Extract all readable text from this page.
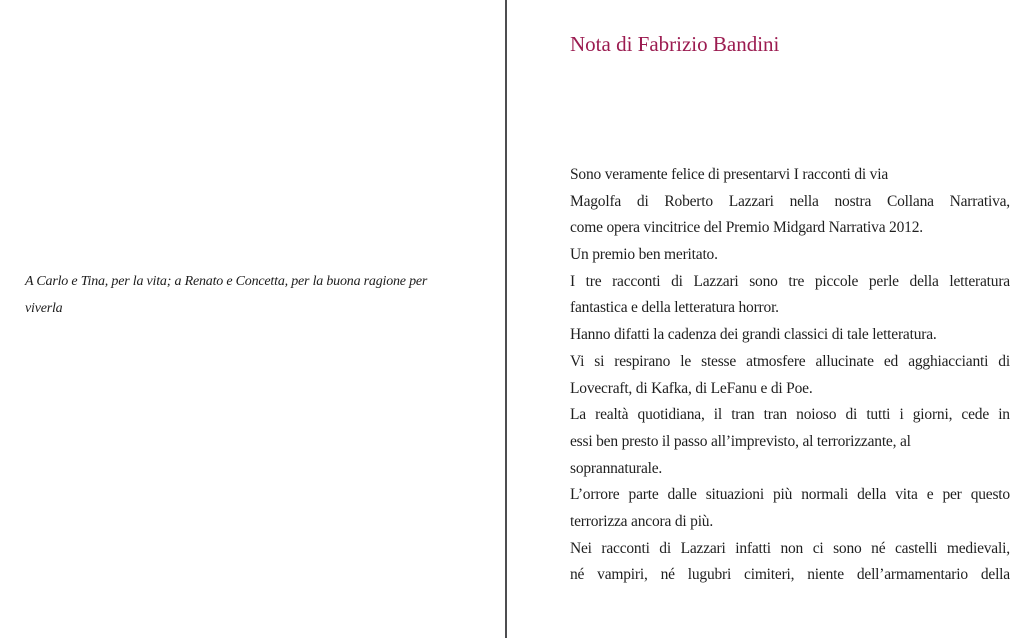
A Carlo e Tina, per la vita; a Renato e Concetta, per la buona ragione per
viverla
Nota di Fabrizio Bandini
Sono veramente felice di presentarvi I racconti di via
Magolfa di Roberto Lazzari nella nostra Collana Narrativa,
come opera vincitrice del Premio Midgard Narrativa 2012.
Un premio ben meritato.
I tre racconti di Lazzari sono tre piccole perle della letteratura
fantastica e della letteratura horror.
Hanno difatti la cadenza dei grandi classici di tale letteratura.
Vi si respirano le stesse atmosfere allucinate ed agghiaccianti di
Lovecraft, di Kafka, di LeFanu e di Poe.
La realtà quotidiana, il tran tran noioso di tutti i giorni, cede in
essi ben presto il passo all’imprevisto, al terrorizzante, al
soprannaturale.
L’orrore parte dalle situazioni più normali della vita e per questo
terrorizza ancora di più.
Nei racconti di Lazzari infatti non ci sono né castelli medievali,
né vampiri, né lugubri cimiteri, niente dell’armamentario della
